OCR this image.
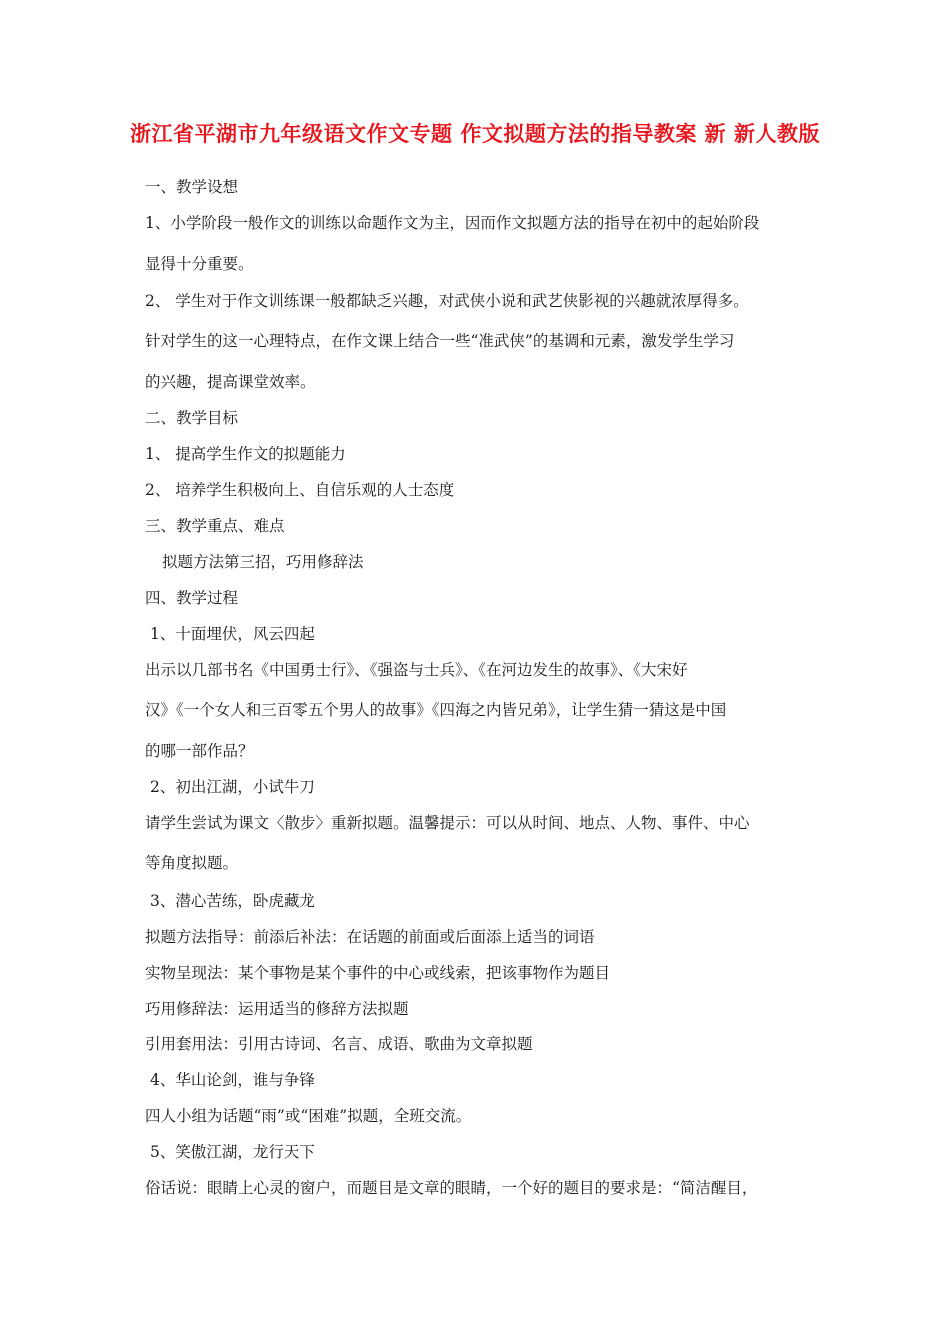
浙江省平湖市九年级语文作文专题 作文拟题方法的指导教案 新 新人教版
一、教学设想
1、小学阶段一般作文的训练以命题作文为主，因而作文拟题方法的指导在初中的起始阶段
显得十分重要。
2、 学生对于作文训练课一般都缺乏兴趣，对武侠小说和武艺侠影视的兴趣就浓厚得多。
针对学生的这一心理特点，在作文课上结合一些“准武侠”的基调和元素，激发学生学习
的兴趣，提高课堂效率。
二、教学目标
1、 提高学生作文的拟题能力
2、 培养学生积极向上、自信乐观的人士态度
三、教学重点、难点
拟题方法第三招，巧用修辞法
四、教学过程
1、十面埋伏，风云四起
出示以几部书名《中国勇士行》、《强盗与士兵》、《在河边发生的故事》、《大宋好
汉》《一个女人和三百零五个男人的故事》《四海之内皆兄弟》，让学生猜一猜这是中国
的哪一部作品？
2、初出江湖，小试牛刀
请学生尝试为课文〈散步〉重新拟题。温馨提示：可以从时间、地点、人物、事件、中心
等角度拟题。
3、潜心苦练，卧虎藏龙
拟题方法指导：前添后补法：在话题的前面或后面添上适当的词语
实物呈现法：某个事物是某个事件的中心或线索，把该事物作为题目
巧用修辞法：运用适当的修辞方法拟题
引用套用法：引用古诗词、名言、成语、歌曲为文章拟题
4、华山论剑，谁与争锋
四人小组为话题“雨”或“困难”拟题，全班交流。
5、笑傲江湖，龙行天下
俗话说：眼睛上心灵的窗户，而题目是文章的眼睛，一个好的题目的要求是：“简洁醒目，
